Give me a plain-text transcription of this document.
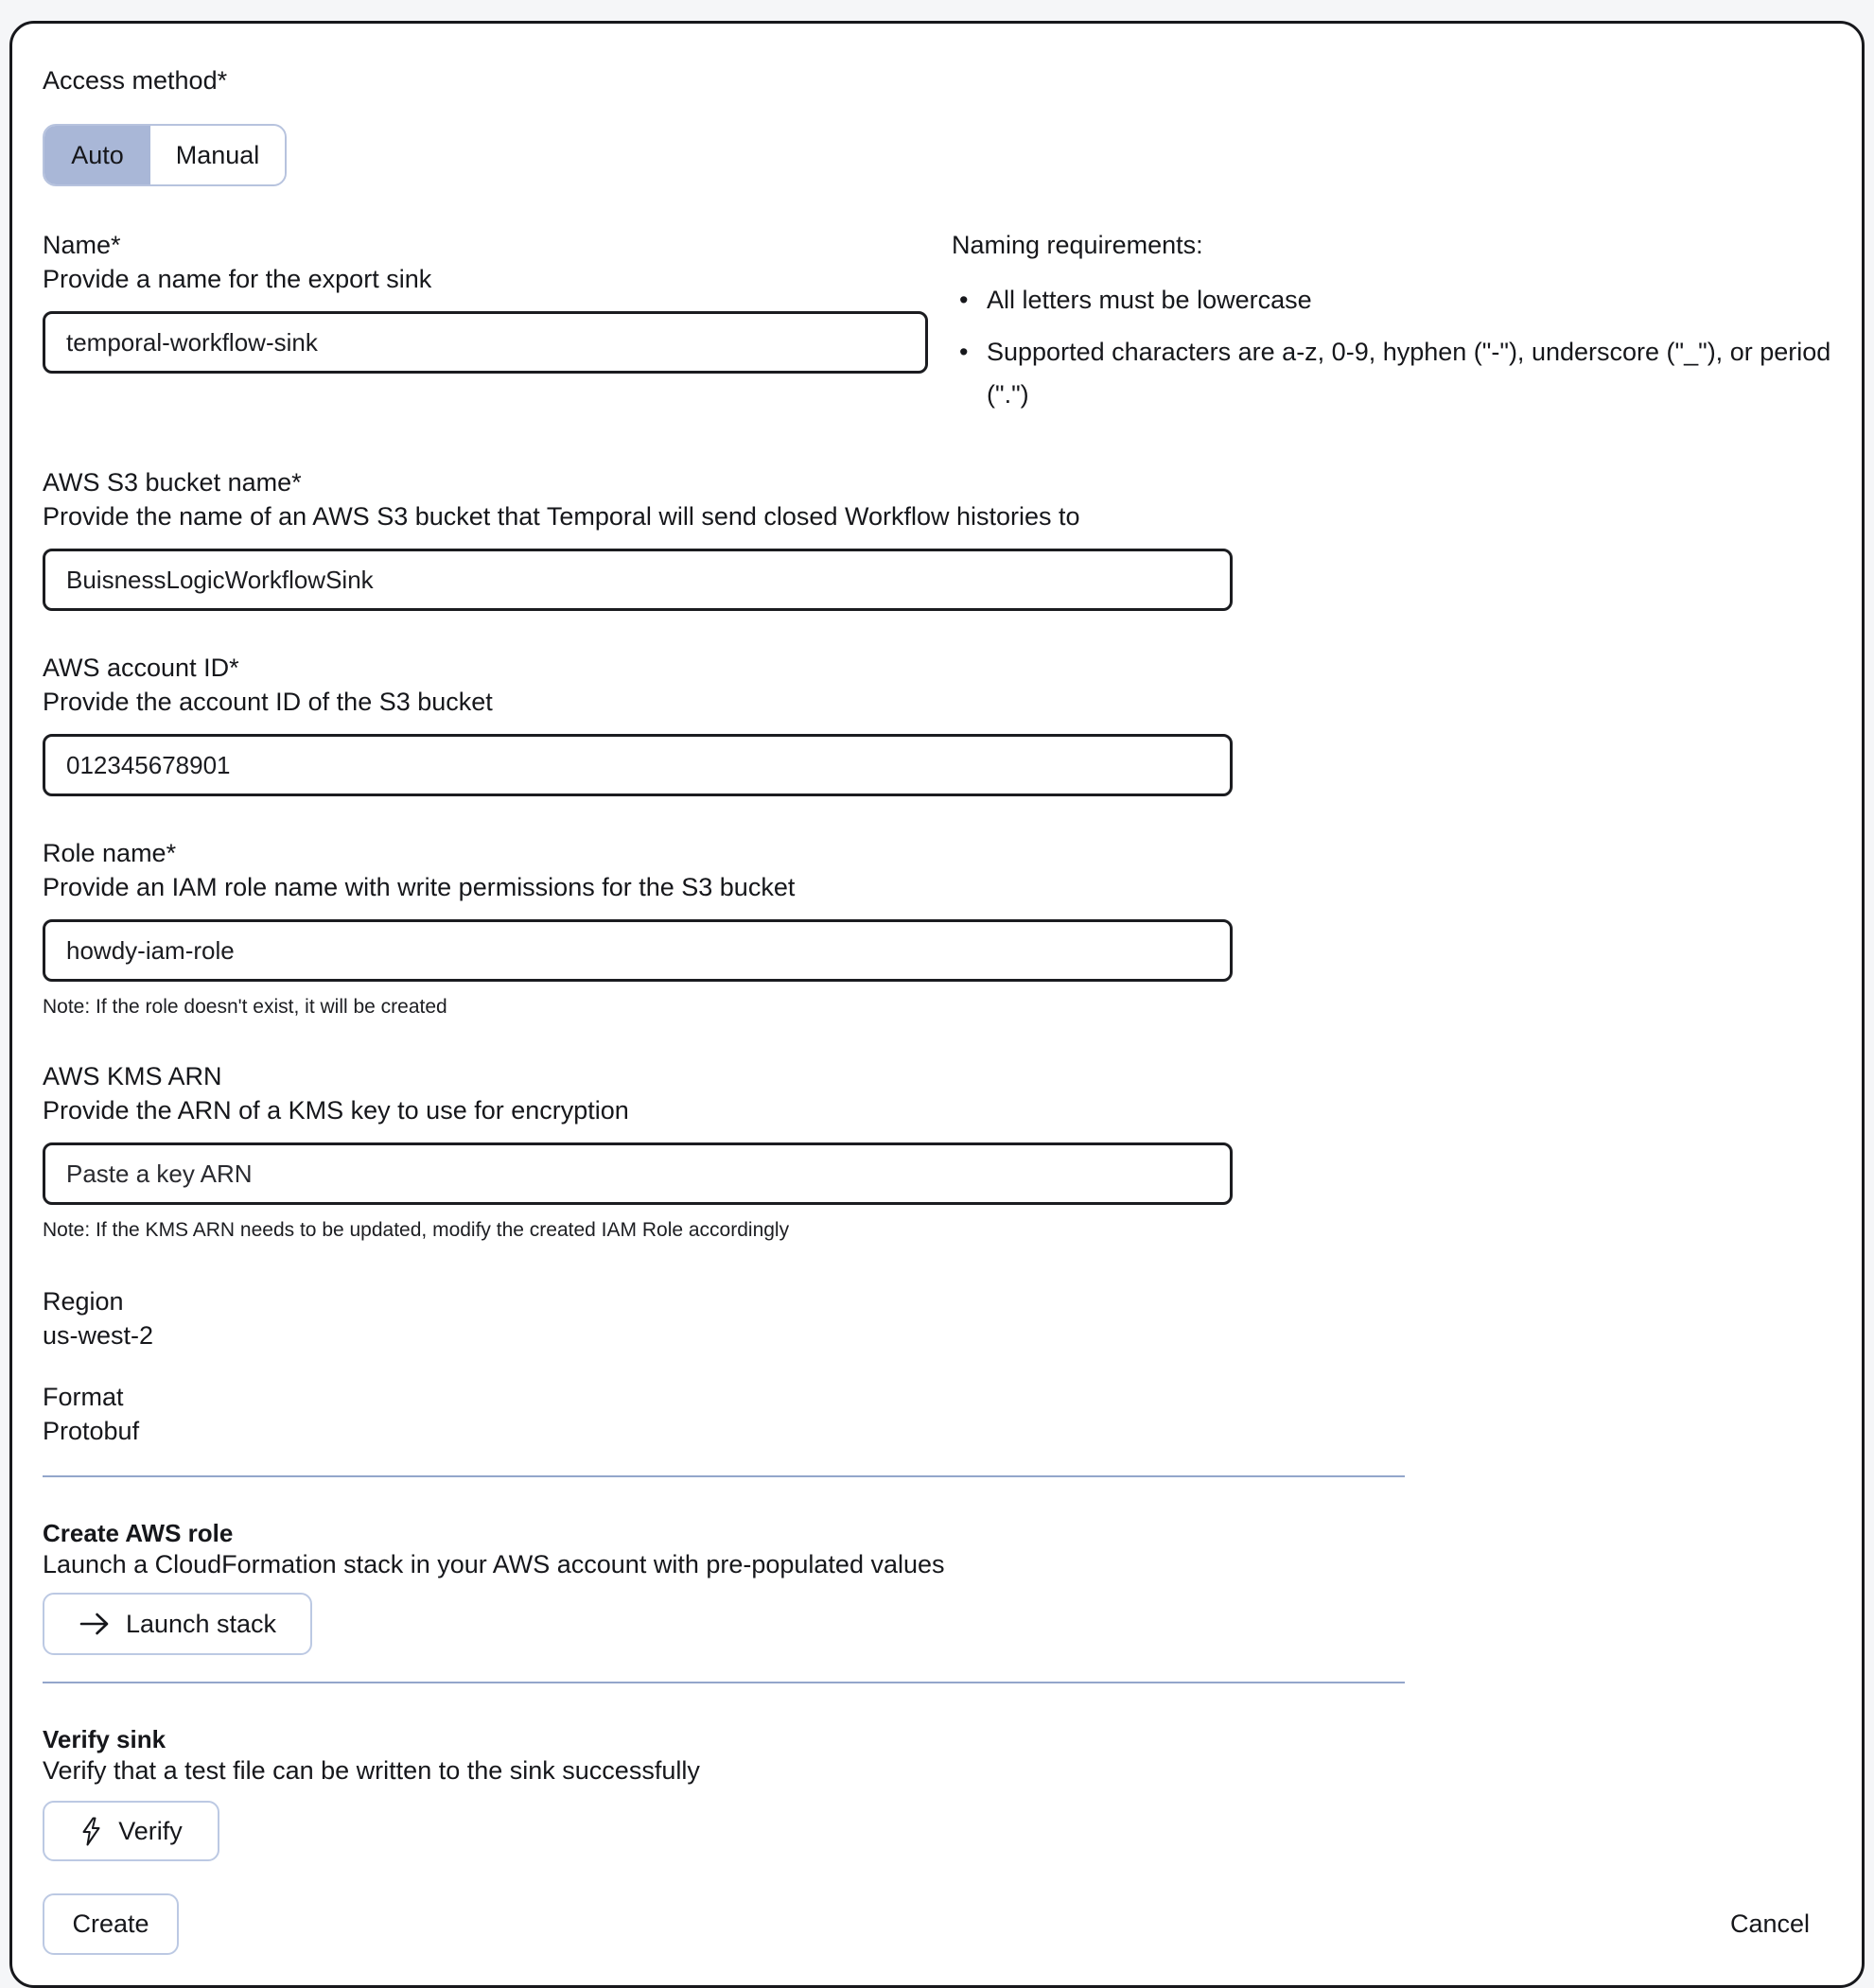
Access method*
Auto	Manual
Name*
Provide a name for the export sink
temporal-workflow-sink
Naming requirements:
• All letters must be lowercase
• Supported characters are a-z, 0-9, hyphen ("-"), underscore ("_"), or period (".")
AWS S3 bucket name*
Provide the name of an AWS S3 bucket that Temporal will send closed Workflow histories to
BuisnessLogicWorkflowSink
AWS account ID*
Provide the account ID of the S3 bucket
012345678901
Role name*
Provide an IAM role name with write permissions for the S3 bucket
howdy-iam-role
Note: If the role doesn't exist, it will be created
AWS KMS ARN
Provide the ARN of a KMS key to use for encryption
Paste a key ARN
Note: If the KMS ARN needs to be updated, modify the created IAM Role accordingly
Region
us-west-2
Format
Protobuf
Create AWS role
Launch a CloudFormation stack in your AWS account with pre-populated values
Launch stack
Verify sink
Verify that a test file can be written to the sink successfully
Verify
Create	Cancel
